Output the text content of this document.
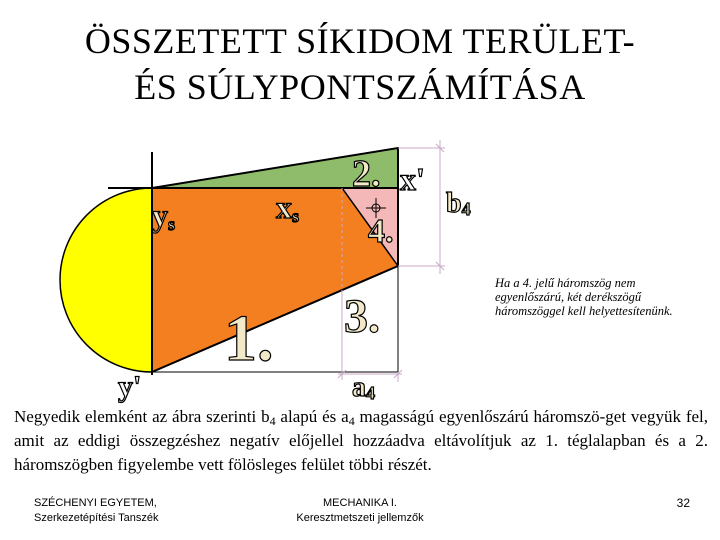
ÖSSZETETT SÍKIDOM TERÜLET-
ÉS SÚLYPONTSZÁMÍTÁSA
1.
2.
3.
4.
x'
y'
ys	xs	b4
a4
Ha a 4. jelű háromszög nem egyenlőszárú, két derékszögű háromszöggel kell helyettesítenünk.
Negyedik elemként az ábra szerinti $b_4$ alapú és $a_4$ magasságú egyenlőszárú háromszö-get vegyük fel, amit az eddigi összegzéshez negatív előjellel hozzáadva eltávolítjuk az 1. téglalapban és a 2. háromszögben figyelembe vett fölösleges felület többi részét.
SZÉCHENYI EGYETEM,
Szerkezetépítési Tanszék
MECHANIKA I.
Keresztmetszeti jellemzők
32
